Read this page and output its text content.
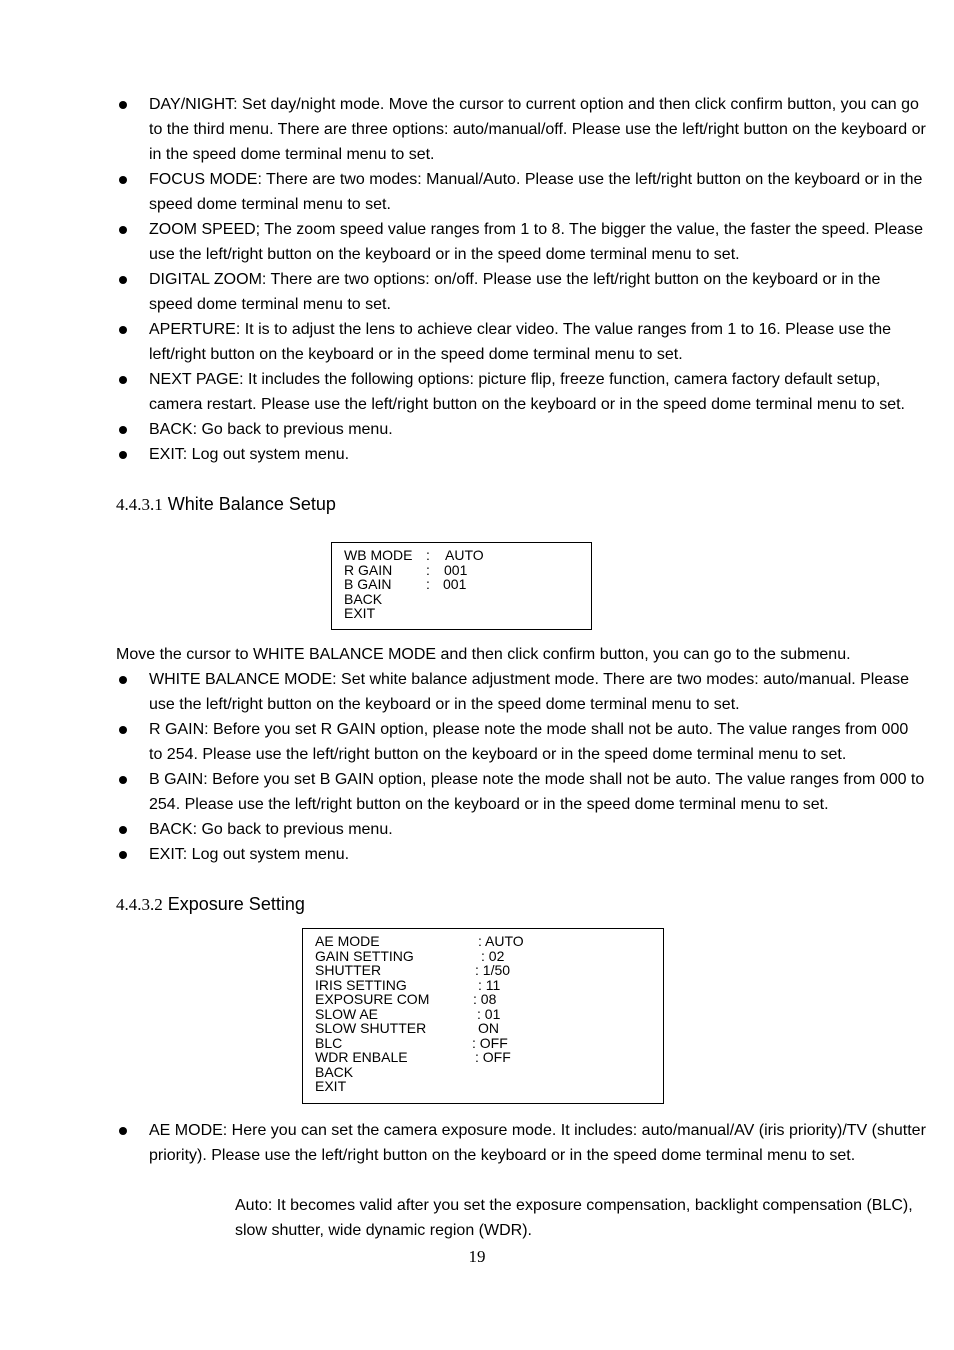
DAY/NIGHT: Set day/night mode. Move the cursor to current option and then click confirm button, you can go to the third menu. There are three options: auto/manual/off. Please use the left/right button on the keyboard or in the speed dome terminal menu to set.
FOCUS MODE: There are two modes: Manual/Auto. Please use the left/right button on the keyboard or in the speed dome terminal menu to set.
ZOOM SPEED; The zoom speed value ranges from 1 to 8. The bigger the value, the faster the speed. Please use the left/right button on the keyboard or in the speed dome terminal menu to set.
DIGITAL ZOOM: There are two options: on/off. Please use the left/right button on the keyboard or in the speed dome terminal menu to set.
APERTURE: It is to adjust the lens to achieve clear video. The value ranges from 1 to 16. Please use the left/right button on the keyboard or in the speed dome terminal menu to set.
NEXT PAGE: It includes the following options: picture flip, freeze function, camera factory default setup, camera restart. Please use the left/right button on the keyboard or in the speed dome terminal menu to set.
BACK: Go back to previous menu.
EXIT: Log out system menu.
4.4.3.1 White Balance Setup
WB MODE : AUTO
R GAIN : 001
B GAIN : 001
BACK
EXIT
Move the cursor to WHITE BALANCE MODE and then click confirm button, you can go to the submenu.
WHITE BALANCE MODE: Set white balance adjustment mode. There are two modes: auto/manual. Please use the left/right button on the keyboard or in the speed dome terminal menu to set.
R GAIN: Before you set R GAIN option, please note the mode shall not be auto. The value ranges from 000 to 254. Please use the left/right button on the keyboard or in the speed dome terminal menu to set.
B GAIN: Before you set B GAIN option, please note the mode shall not be auto. The value ranges from 000 to 254. Please use the left/right button on the keyboard or in the speed dome terminal menu to set.
BACK: Go back to previous menu.
EXIT: Log out system menu.
4.4.3.2 Exposure Setting
AE MODE	: AUTO
GAIN SETTING	: 02
SHUTTER	: 1/50
IRIS SETTING	: 11
EXPOSURE COM	: 08
SLOW AE	: 01
SLOW SHUTTER	ON
BLC	: OFF
WDR ENBALE	: OFF
BACK
EXIT
AE MODE: Here you can set the camera exposure mode. It includes: auto/manual/AV (iris priority)/TV (shutter priority). Please use the left/right button on the keyboard or in the speed dome terminal menu to set.
Auto: It becomes valid after you set the exposure compensation, backlight compensation (BLC), slow shutter, wide dynamic region (WDR).
19
